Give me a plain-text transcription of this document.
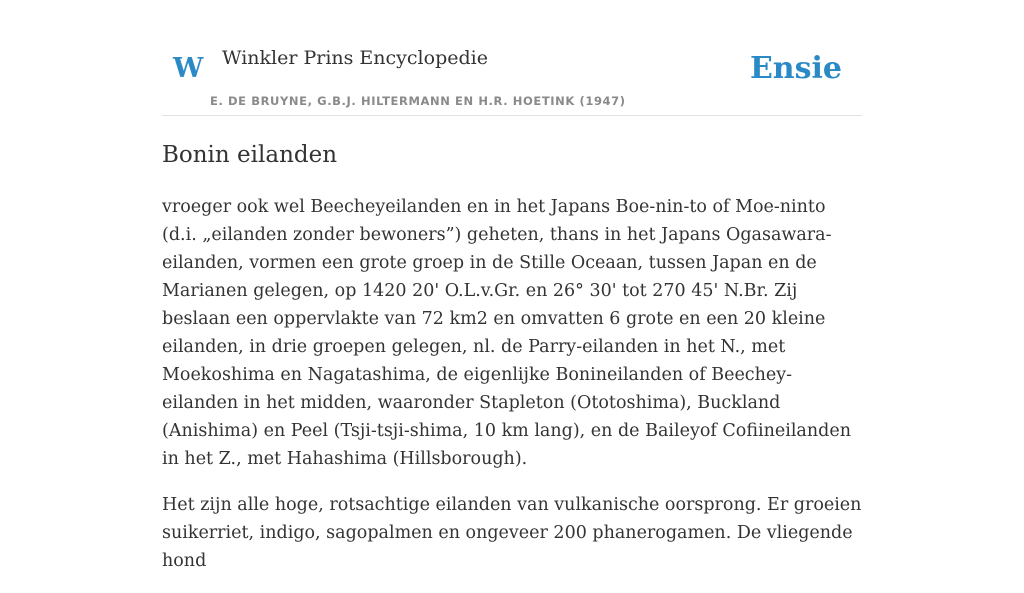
W Winkler Prins Encyclopedie
E. DE BRUYNE, G.B.J. HILTERMANN EN H.R. HOETINK (1947)
Ensie
Bonin eilanden

vroeger ook wel Beecheyeilanden en in het Japans Boe-nin-to of Moe-ninto (d.i. „eilanden zonder bewoners”) geheten, thans in het Japans Ogasawara-eilanden, vormen een grote groep in de Stille Oceaan, tussen Japan en de Marianen gelegen, op 1420 20' O.L.v.Gr. en 26° 30' tot 270 45' N.Br. Zij beslaan een oppervlakte van 72 km2 en omvatten 6 grote en een 20 kleine eilanden, in drie groepen gelegen, nl. de Parry-eilanden in het N., met Moekoshima en Nagatashima, de eigenlijke Bonineilanden of Beechey-eilanden in het midden, waaronder Stapleton (Ototoshima), Buckland (Anishima) en Peel (Tsji-tsji-shima, 10 km lang), en de Baileyof Cofiineilanden in het Z., met Hahashima (Hillsborough).

Het zijn alle hoge, rotsachtige eilanden van vulkanische oorsprong. Er groeien suikerriet, indigo, sagopalmen en ongeveer 200 phanerogamen. De vliegende hond
